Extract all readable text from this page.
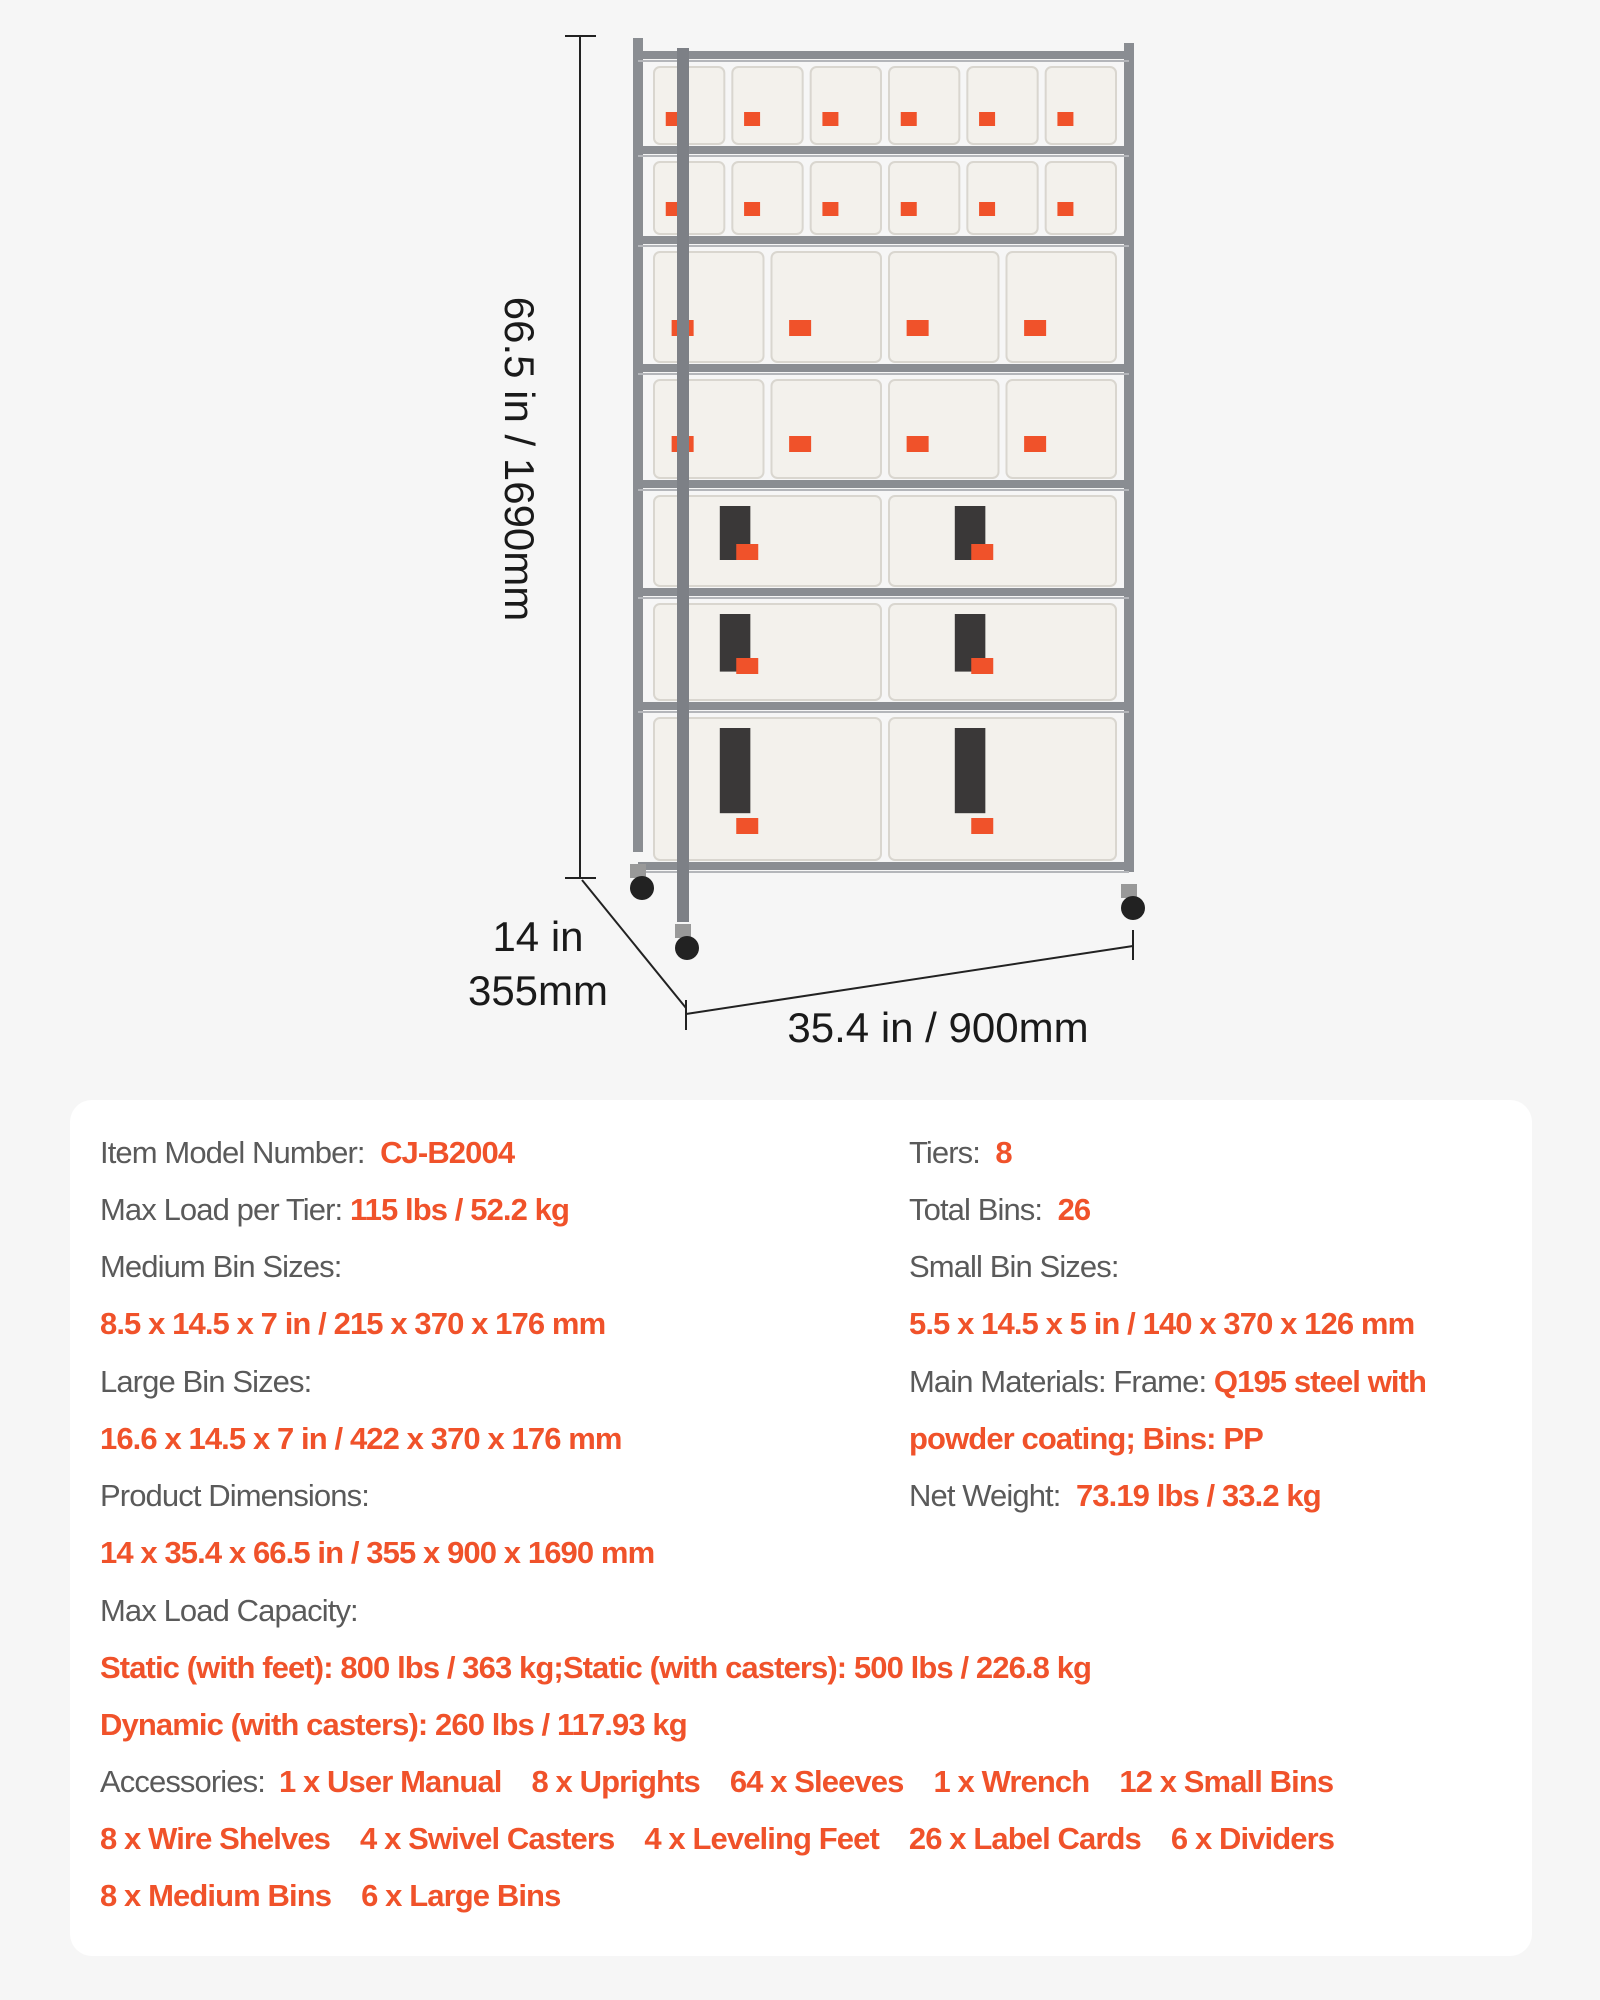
66.5 in / 1690mm
14 in
355mm
35.4 in / 900mm
Item Model Number: CJ-B2004
Max Load per Tier: 115 lbs / 52.2 kg
Medium Bin Sizes:
8.5 x 14.5 x 7 in / 215 x 370 x 176 mm
Large Bin Sizes:
16.6 x 14.5 x 7 in / 422 x 370 x 176 mm
Product Dimensions:
14 x 35.4 x 66.5 in / 355 x 900 x 1690 mm
Max Load Capacity:
Static (with feet): 800 lbs / 363 kg;Static (with casters): 500 lbs / 226.8 kg
Dynamic (with casters): 260 lbs / 117.93 kg
Tiers: 8
Total Bins: 26
Small Bin Sizes:
5.5 x 14.5 x 5 in / 140 x 370 x 126 mm
Main Materials: Frame: Q195 steel with
powder coating; Bins: PP
Net Weight: 73.19 lbs / 33.2 kg
Accessories: 1 x User Manual 8 x Uprights 64 x Sleeves 1 x Wrench 12 x Small Bins
8 x Wire Shelves 4 x Swivel Casters 4 x Leveling Feet 26 x Label Cards 6 x Dividers
8 x Medium Bins 6 x Large Bins
